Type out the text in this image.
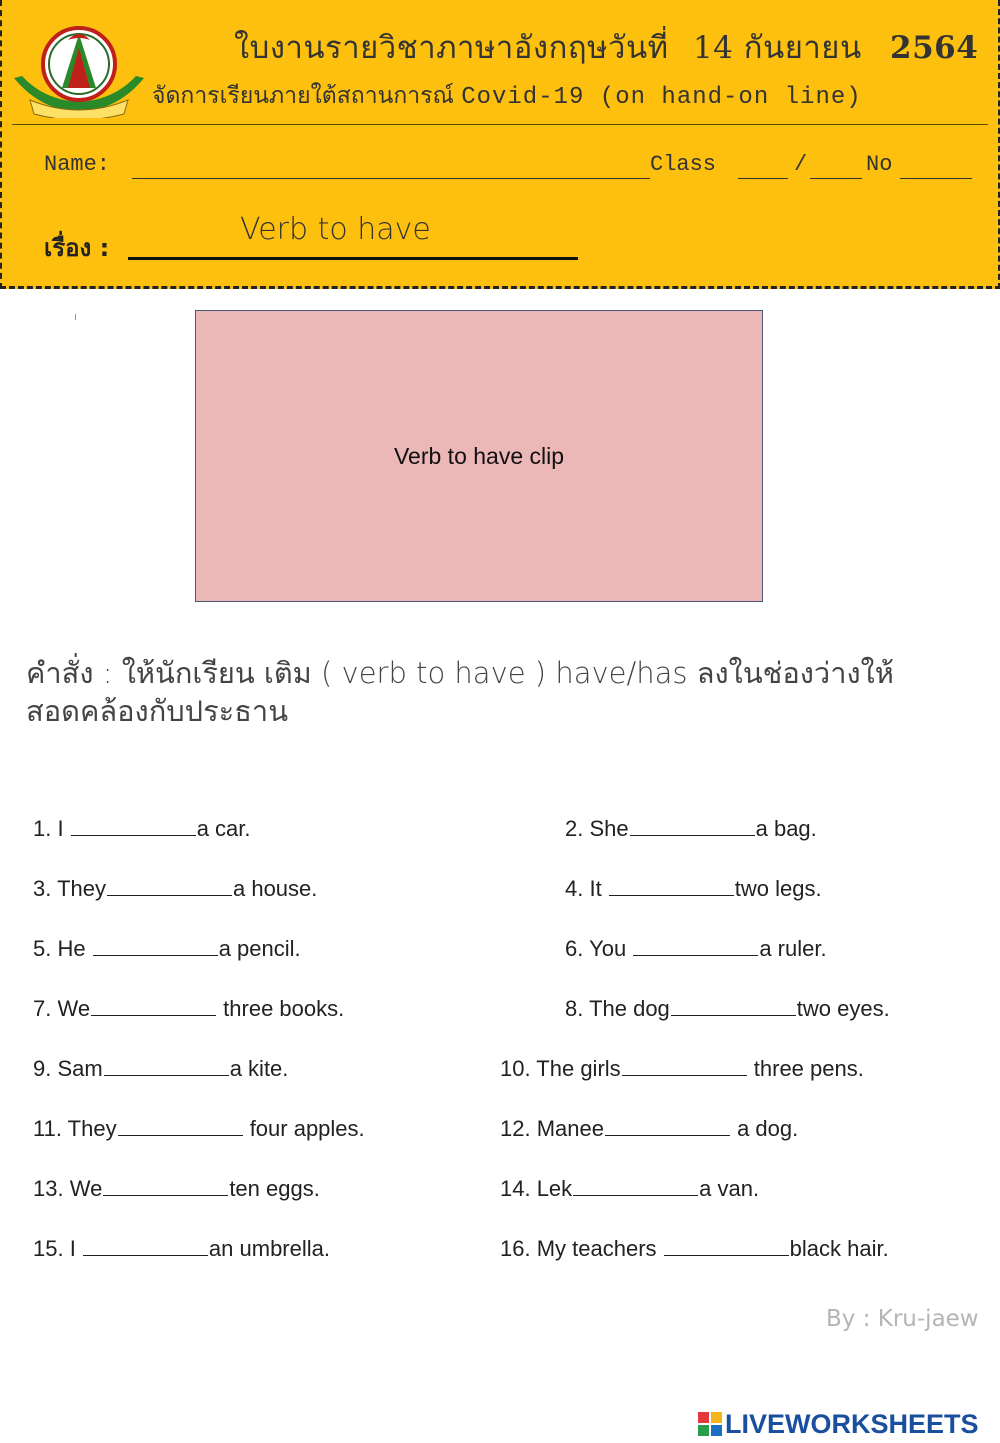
ใบงานรายวิชาภาษาอังกฤษวันที่ 14 กันยายน 2564
จัดการเรียนภายใต้สถานการณ์ Covid-19 (on hand-on line)
Name:	Class	/	No
เรื่อง :
Verb to have
Verb to have clip
คำสั่ง : ให้นักเรียน เติม ( verb to have ) have/has ลงในช่องว่างให้สอดคล้องกับประธาน
1. I	a car.	2. She	a bag.
3. They	a house.	4. It	two legs.
5. He	a pencil.	6. You	a ruler.
7. We	three books.	8. The dog	two eyes.
9. Sam	a kite.	10. The girls	three pens.
11. They	four apples.	12. Manee	a dog.
13. We	ten eggs.	14. Lek	a van.
15. I	an umbrella.	16. My teachers	black hair.
By : Kru-jaew
LIVEWORKSHEETS
